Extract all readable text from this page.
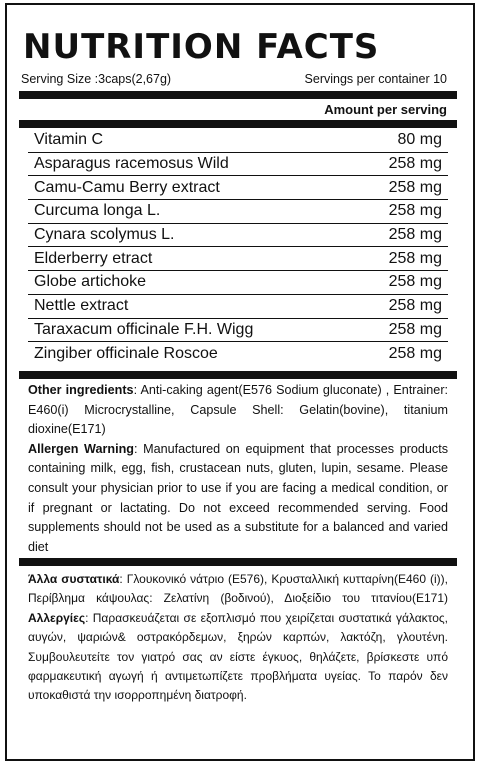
NUTRITION FACTS
Serving Size :3caps(2,67g)	Servings per container 10
Amount per serving
Vitamin C	80 mg
Asparagus racemosus Wild	258 mg
Camu-Camu Berry extract	258 mg
Curcuma longa L.	258 mg
Cynara scolymus L.	258 mg
Elderberry etract	258 mg
Globe artichoke	258 mg
Nettle extract	258 mg
Taraxacum officinale F.H. Wigg	258 mg
Zingiber officinale Roscoe	258 mg
Other ingredients: Anti-caking agent(E576 Sodium gluconate) , Entrainer: E460(i) Microcrystalline, Capsule Shell: Gelatin(bovine), titanium dioxine(E171)
Allergen Warning: Manufactured on equipment that processes products containing milk, egg, fish, crustacean nuts, gluten, lupin, sesame. Please consult your physician prior to use if you are facing a medical condition, or if pregnant or lactating. Do not exceed recommended serving. Food supplements should not be used as a substitute for a balanced and varied diet
Άλλα συστατικά: Γλουκονικό νάτριο (E576), Κρυσταλλική κυτταρίνη(E460 (i)), Περίβλημα κάψουλας: Ζελατίνη (βοδινού), Διοξείδιο του τιτανίου(E171) Αλλεργίες: Παρασκευάζεται σε εξοπλισμό που χειρίζεται συστατικά γάλακτος, αυγών, ψαριών& οστρακόρδεμων, ξηρών καρπών, λακτόζη, γλουτένη. Συμβουλευτείτε τον γιατρό σας αν είστε έγκυος, θηλάζετε, βρίσκεστε υπό φαρμακευτική αγωγή ή αντιμετωπίζετε προβλήματα υγείας. Το παρόν δεν υποκαθιστά την ισορροπημένη διατροφή.
